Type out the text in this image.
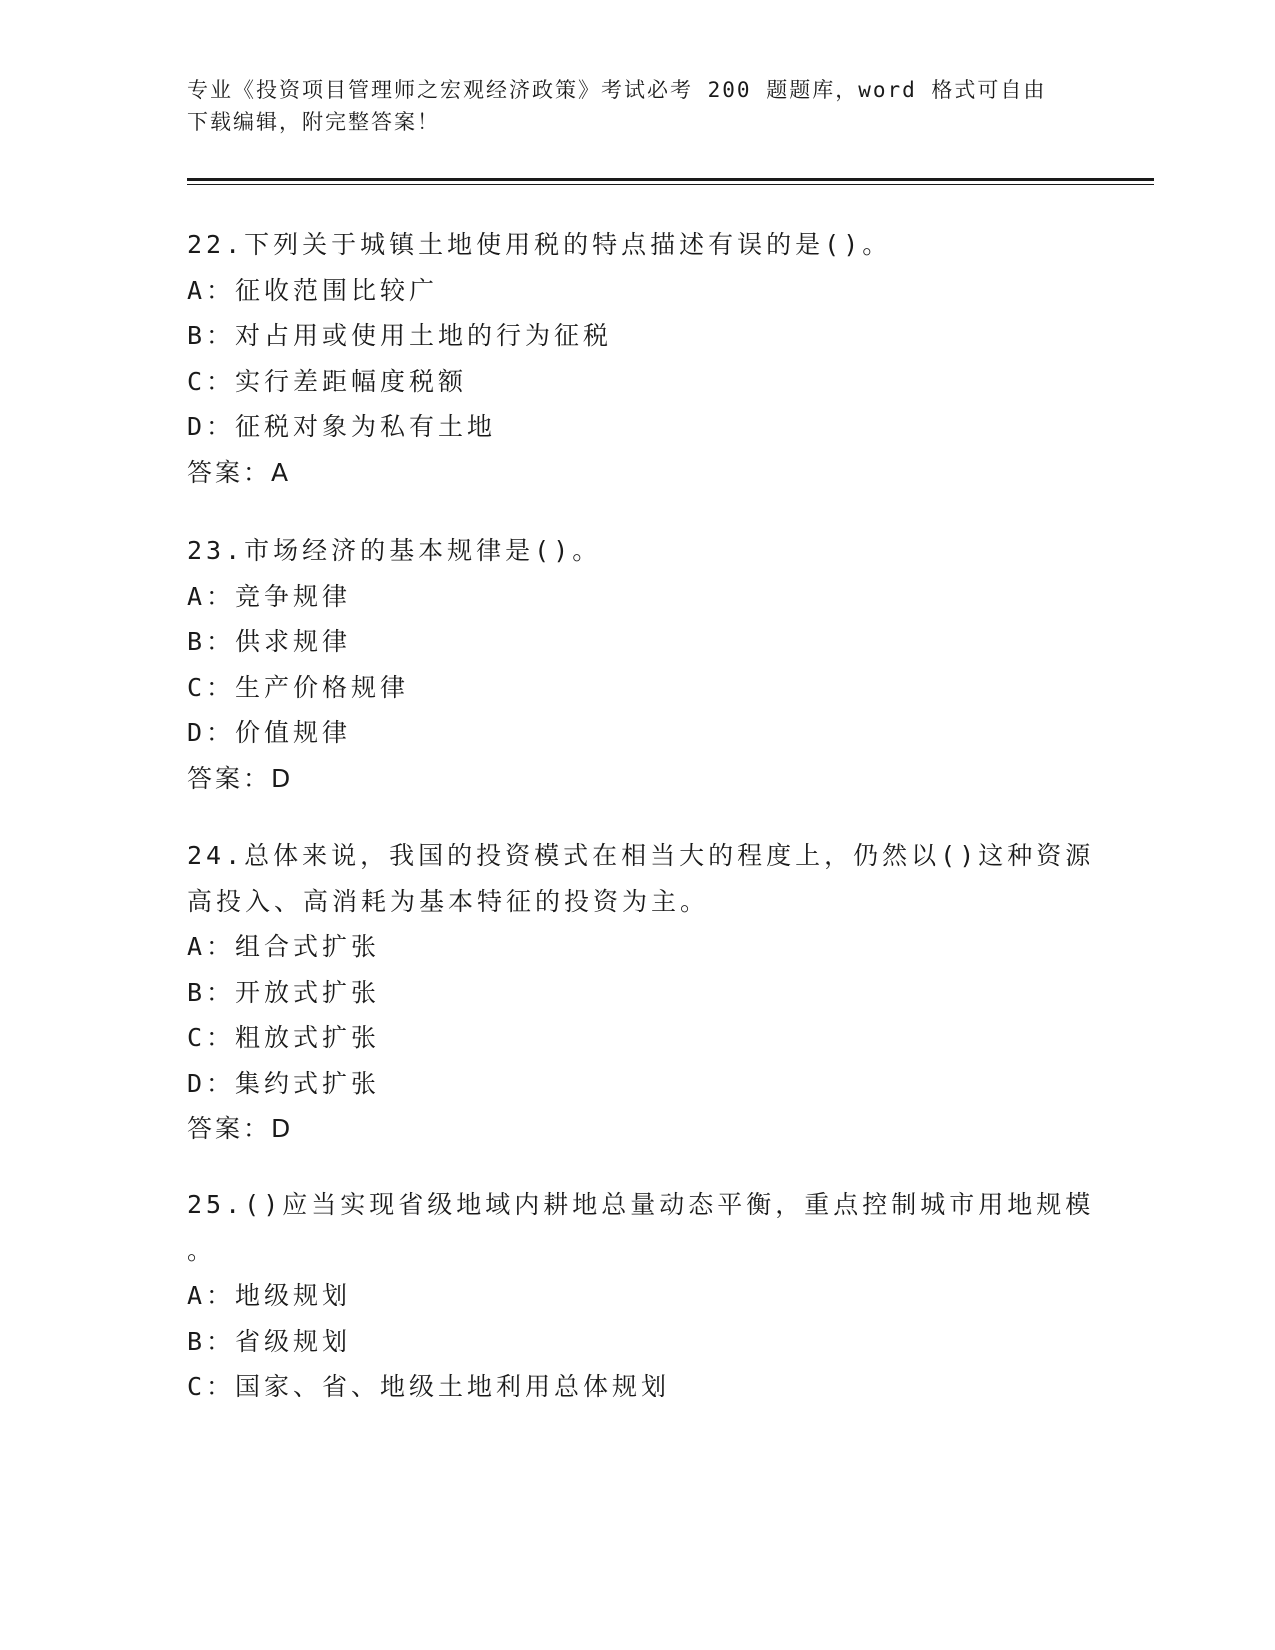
专业《投资项目管理师之宏观经济政策》考试必考 200 题题库，word 格式可自由
下载编辑，附完整答案！
22.下列关于城镇土地使用税的特点描述有误的是()。
A：征收范围比较广
B：对占用或使用土地的行为征税
C：实行差距幅度税额
D：征税对象为私有土地
答案：A
23.市场经济的基本规律是()。
A：竞争规律
B：供求规律
C：生产价格规律
D：价值规律
答案：D
24.总体来说，我国的投资模式在相当大的程度上，仍然以()这种资源
高投入、高消耗为基本特征的投资为主。
A：组合式扩张
B：开放式扩张
C：粗放式扩张
D：集约式扩张
答案：D
25.()应当实现省级地域内耕地总量动态平衡，重点控制城市用地规模
。
A：地级规划
B：省级规划
C：国家、省、地级土地利用总体规划
